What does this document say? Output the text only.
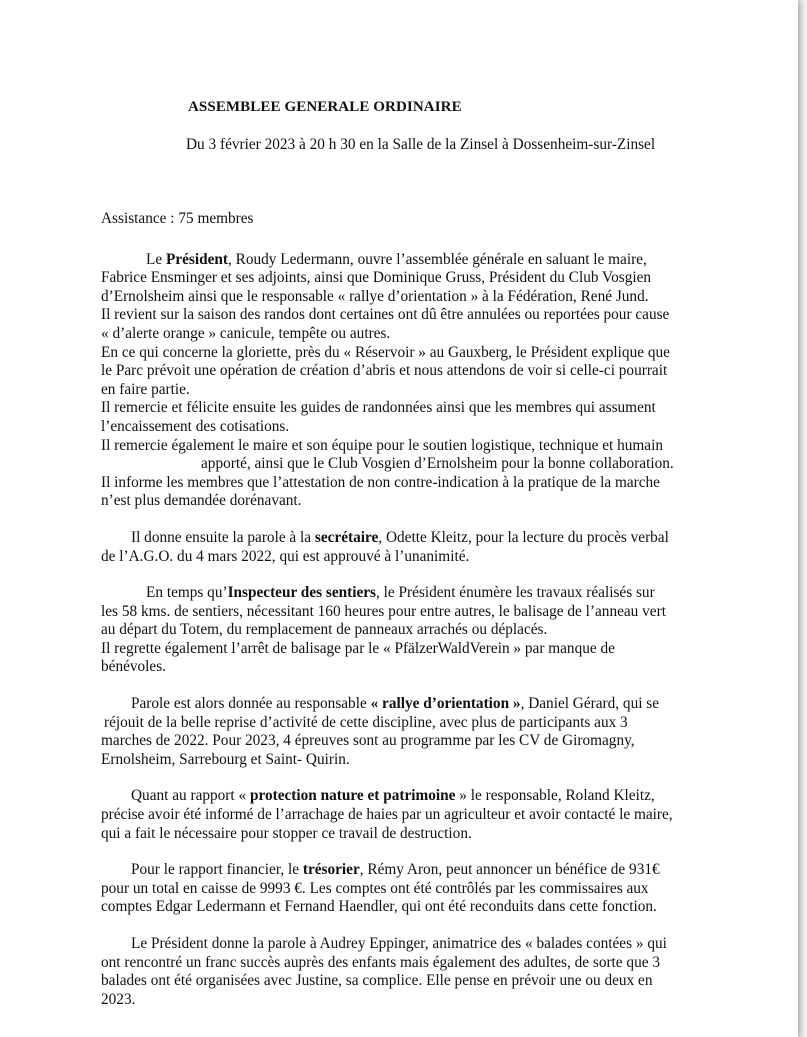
ASSEMBLEE GENERALE ORDINAIRE
Du 3 février 2023 à 20 h 30 en la Salle de la Zinsel à Dossenheim-sur-Zinsel

Assistance : 75 membres

Le Président, Roudy Ledermann, ouvre l’assemblée générale en saluant le maire,
Fabrice Ensminger et ses adjoints, ainsi que Dominique Gruss, Président du Club Vosgien
d’Ernolsheim ainsi que le responsable « rallye d’orientation » à la Fédération, René Jund.
Il revient sur la saison des randos dont certaines ont dû être annulées ou reportées pour cause
« d’alerte orange » canicule, tempête ou autres.
En ce qui concerne la gloriette, près du « Réservoir » au Gauxberg, le Président explique que
le Parc prévoit une opération de création d’abris et nous attendons de voir si celle-ci pourrait
en faire partie.
Il remercie et félicite ensuite les guides de randonnées ainsi que les membres qui assument
l’encaissement des cotisations.
Il remercie également le maire et son équipe pour le soutien logistique, technique et humain
apporté, ainsi que le Club Vosgien d’Ernolsheim pour la bonne collaboration.
Il informe les membres que l’attestation de non contre-indication à la pratique de la marche
n’est plus demandée dorénavant.

Il donne ensuite la parole à la secrétaire, Odette Kleitz, pour la lecture du procès verbal
de l’A.G.O. du 4 mars 2022, qui est approuvé à l’unanimité.

En temps qu’Inspecteur des sentiers, le Président énumère les travaux réalisés sur
les 58 kms. de sentiers, nécessitant 160 heures pour entre autres, le balisage de l’anneau vert
au départ du Totem, du remplacement de panneaux arrachés ou déplacés.
Il regrette également l’arrêt de balisage par le « PfälzerWaldVerein » par manque de
bénévoles.

Parole est alors donnée au responsable « rallye d’orientation », Daniel Gérard, qui se
réjouit de la belle reprise d’activité de cette discipline, avec plus de participants aux 3
marches de 2022. Pour 2023, 4 épreuves sont au programme par les CV de Giromagny,
Ernolsheim, Sarrebourg et Saint- Quirin.

Quant au rapport « protection nature et patrimoine » le responsable, Roland Kleitz,
précise avoir été informé de l’arrachage de haies par un agriculteur et avoir contacté le maire,
qui a fait le nécessaire pour stopper ce travail de destruction.

Pour le rapport financier, le trésorier, Rémy Aron, peut annoncer un bénéfice de 931€
pour un total en caisse de 9993 €. Les comptes ont été contrôlés par les commissaires aux
comptes Edgar Ledermann et Fernand Haendler, qui ont été reconduits dans cette fonction.

Le Président donne la parole à Audrey Eppinger, animatrice des « balades contées » qui
ont rencontré un franc succès auprès des enfants mais également des adultes, de sorte que 3
balades ont été organisées avec Justine, sa complice. Elle pense en prévoir une ou deux en
2023.
